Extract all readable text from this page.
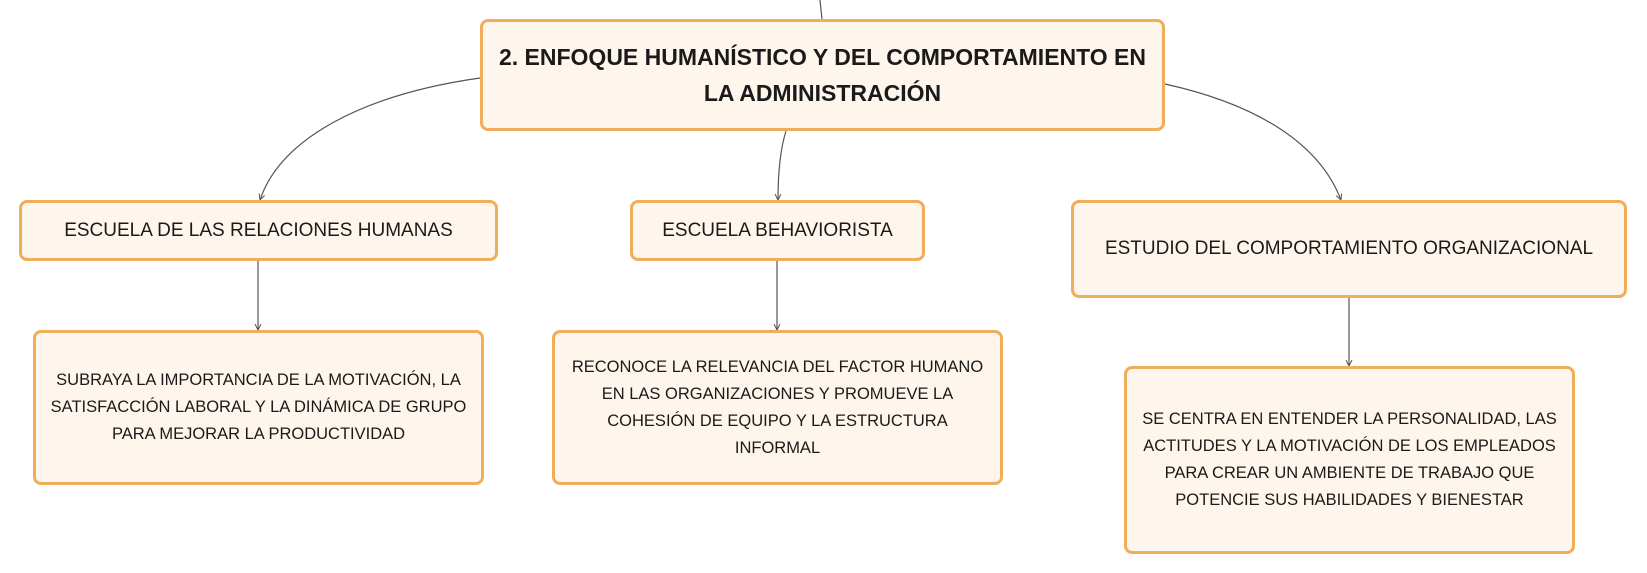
2. ENFOQUE HUMANÍSTICO Y DEL COMPORTAMIENTO EN LA ADMINISTRACIÓN
ESCUELA DE LAS RELACIONES HUMANAS	ESCUELA BEHAVIORISTA
ESTUDIO DEL COMPORTAMIENTO ORGANIZACIONAL
SUBRAYA LA IMPORTANCIA DE LA MOTIVACIÓN, LA SATISFACCIÓN LABORAL Y LA DINÁMICA DE GRUPO PARA MEJORAR LA PRODUCTIVIDAD
RECONOCE LA RELEVANCIA DEL FACTOR HUMANO EN LAS ORGANIZACIONES Y PROMUEVE LA COHESIÓN DE EQUIPO Y LA ESTRUCTURA INFORMAL
SE CENTRA EN ENTENDER LA PERSONALIDAD, LAS ACTITUDES Y LA MOTIVACIÓN DE LOS EMPLEADOS PARA CREAR UN AMBIENTE DE TRABAJO QUE POTENCIE SUS HABILIDADES Y BIENESTAR
